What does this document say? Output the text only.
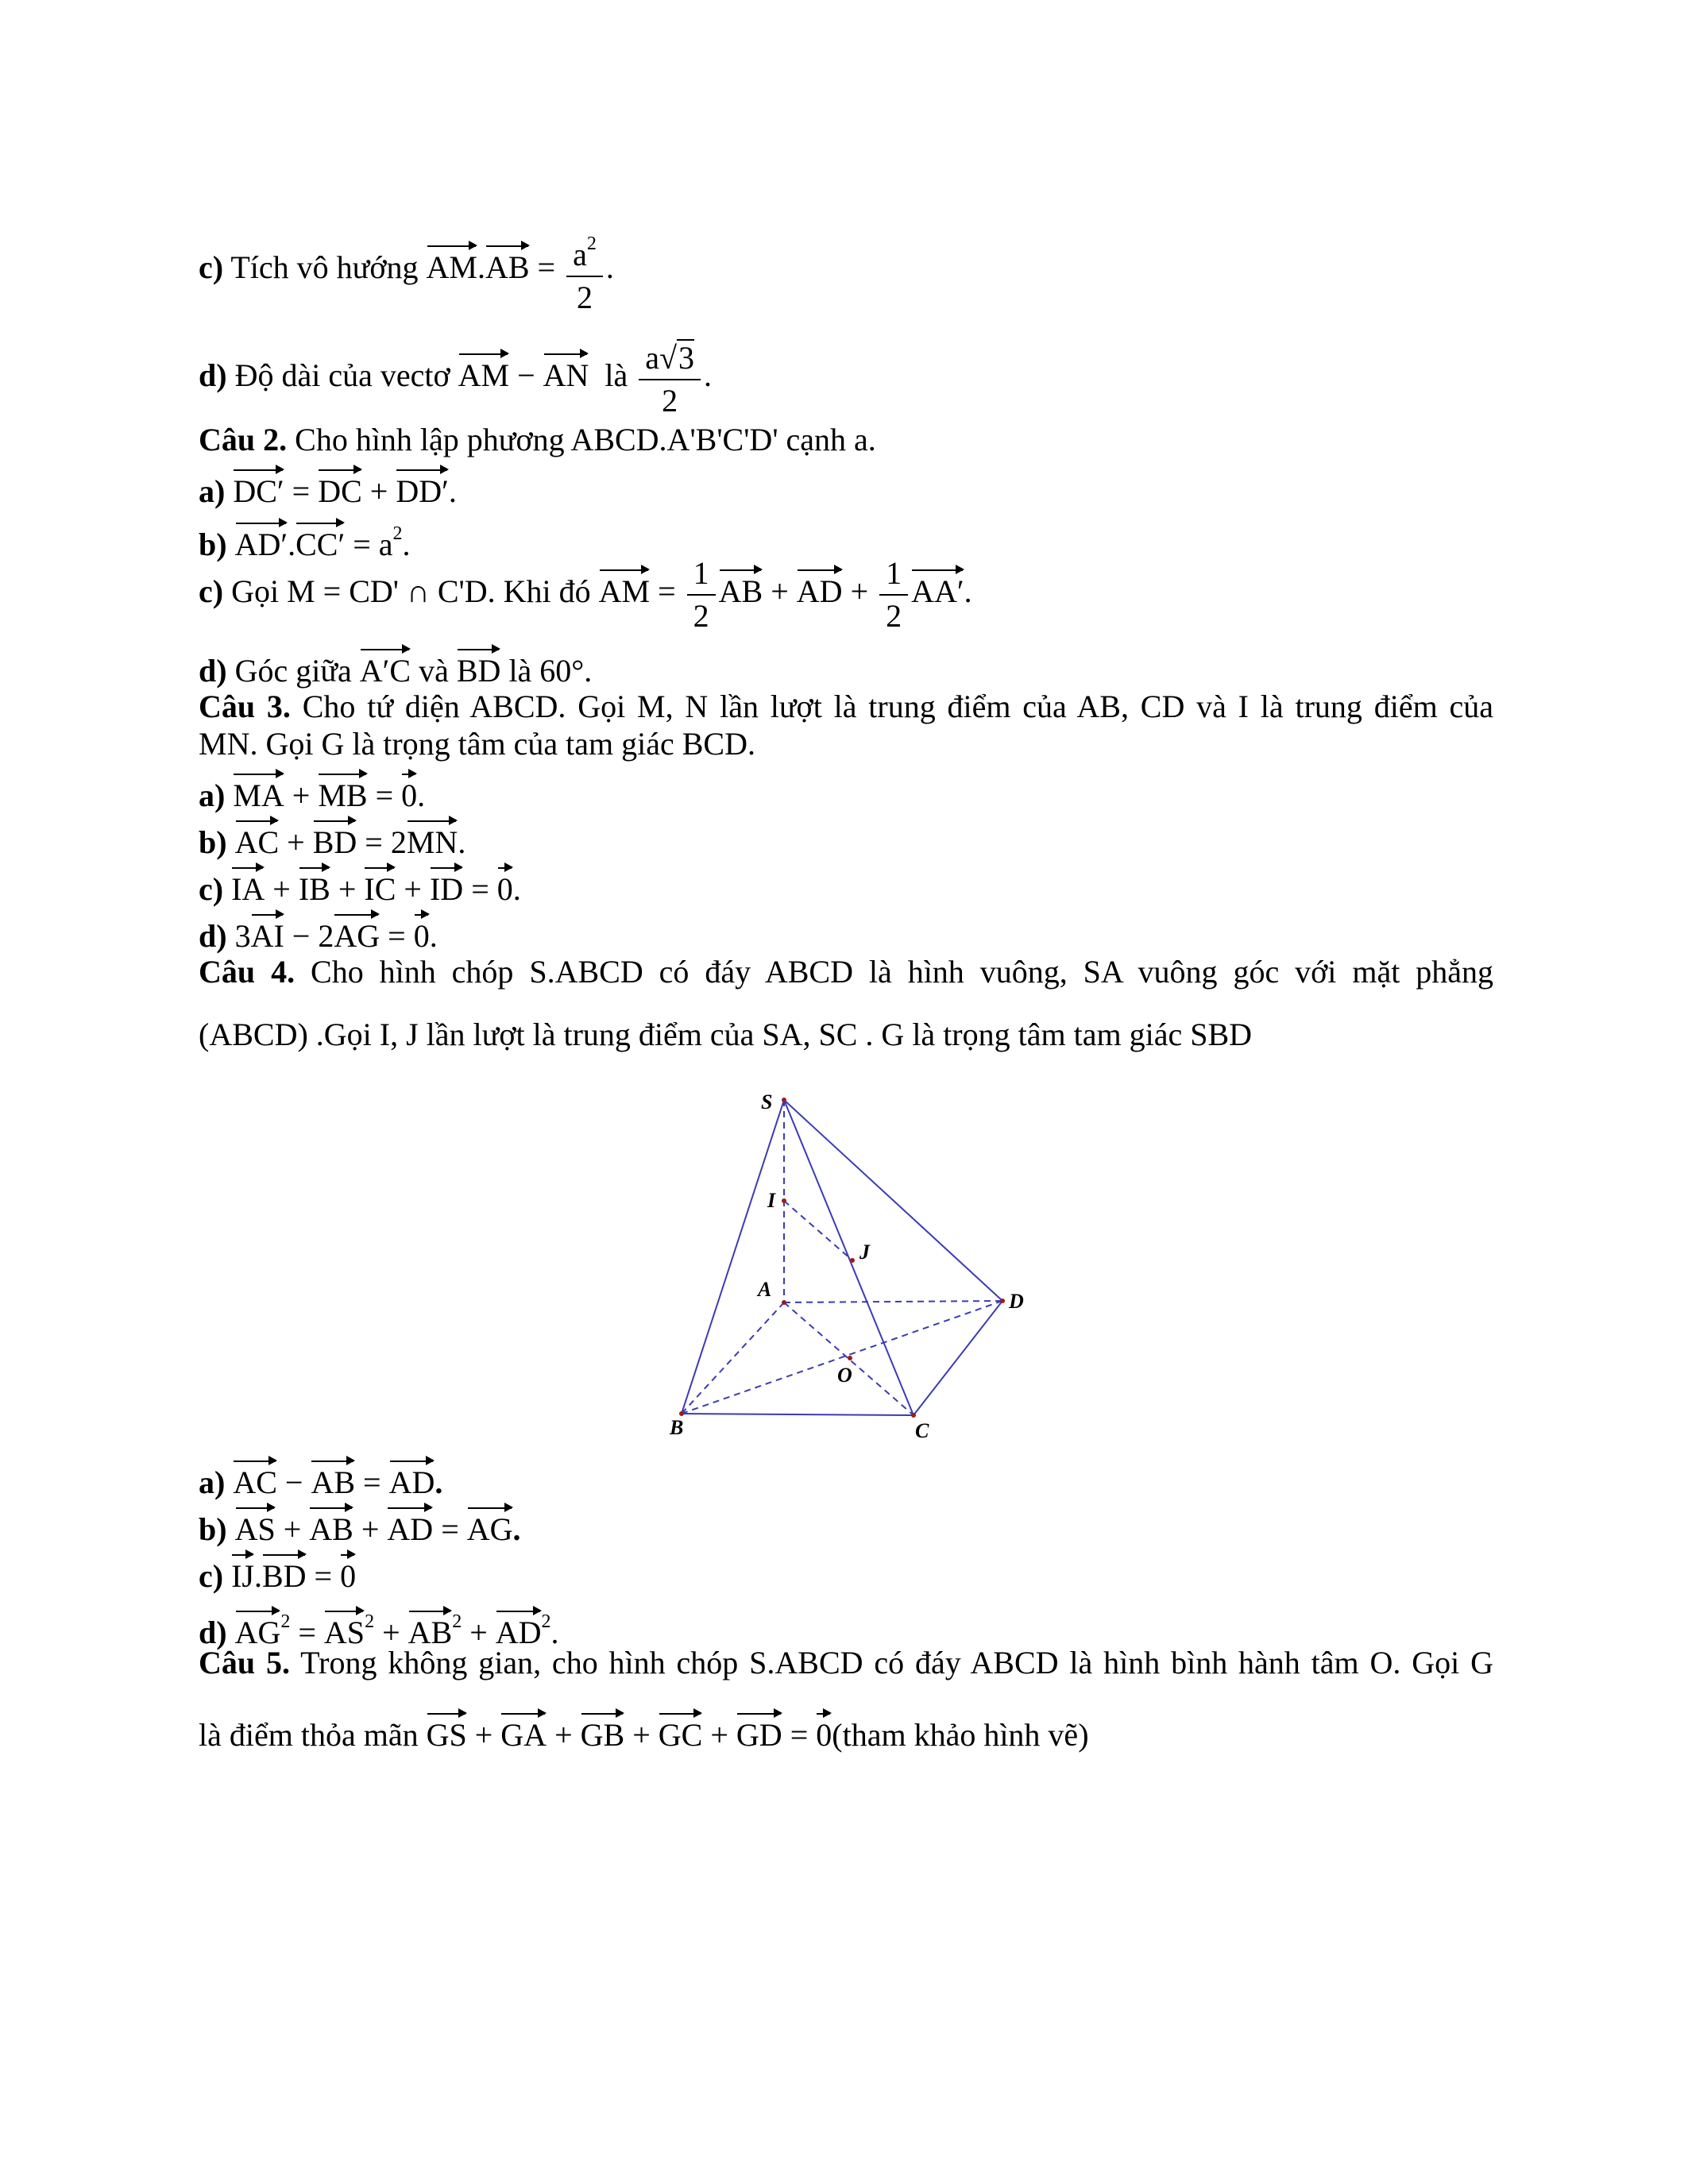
c) Tích vô hướng $AM.AB = \frac{a^2}{2}$ .
d) Độ dài của vectơ AM − AN là $\frac{a√3}{2}$ .
Câu 2. Cho hình lập phương ABCD.A'B'C'D' cạnh a.
a) DC′ = DC + DD′.
b) $AD'.CC' = a^2$.
c) Gọi M = CD' ∩ C'D. Khi đó AM = $\frac{1}{2}$ AB + AD + $\frac{1}{2} AA'$.
d) Góc giữa A′C và BD là 60°.
Câu 3. Cho tứ diện ABCD. Gọi M, N lần lượt là trung điểm của AB, CD và I là trung điểm của
MN. Gọi G là trọng tâm của tam giác BCD.
a) MA + MB = 0.
b) AC + BD = 2MN.
c) IA + IB + IC + ID = 0.
d) 3AI − 2AG = 0.
Câu 4. Cho hình chóp S.ABCD có đáy ABCD là hình vuông, SA vuông góc với mặt phẳng
(ABCD) .Gọi I, J lần lượt là trung điểm của SA, SC . G là trọng tâm tam giác SBD
S
I
J
A
D
O
B	C
a) AC − AB = AD.
b) AS + AB + AD = AG.
c) IJ.BD = 0
d) $AG^2 = AS^2 + AB^2 + AD^2$.
Câu 5. Trong không gian, cho hình chóp S.ABCD có đáy ABCD là hình bình hành tâm O. Gọi G
là điểm thỏa mãn GS + GA + GB + GC + GD = 0(tham khảo hình vẽ)
